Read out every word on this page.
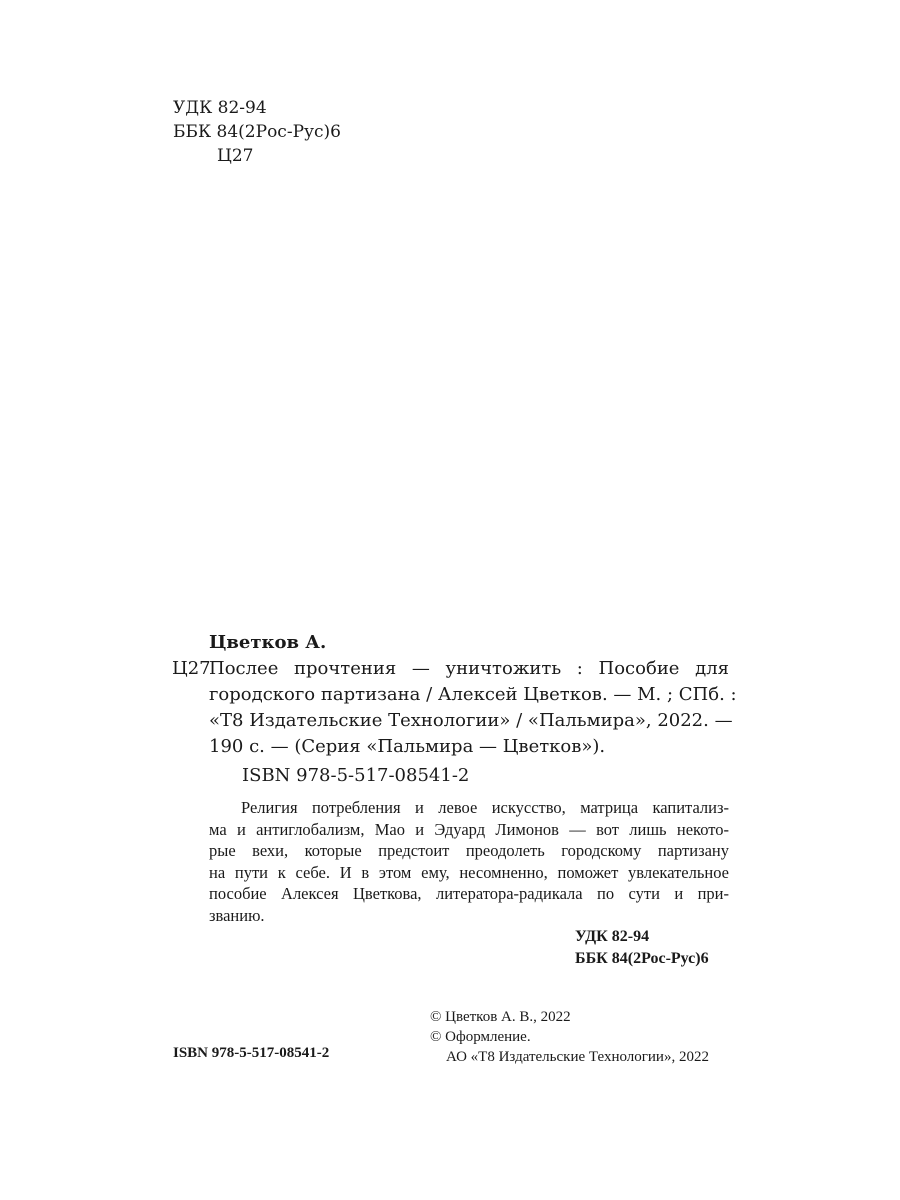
УДК 82-94
ББК 84(2Рос-Рус)6
Ц27
Цветков А.
Ц27
Послее прочтения — уничтожить : Пособие для
городского партизана / Алексей Цветков. — М. ; СПб. :
«Т8 Издательские Технологии» / «Пальмира», 2022. —
190 с. — (Серия «Пальмира — Цветков»).
ISBN 978-5-517-08541-2
Религия потребления и левое искусство, матрица капитализ-
ма и антиглобализм, Мао и Эдуард Лимонов — вот лишь некото-
рые вехи, которые предстоит преодолеть городскому партизану
на пути к себе. И в этом ему, несомненно, поможет увлекательное
пособие Алексея Цветкова, литератора-радикала по сути и при-
званию.
УДК 82-94
ББК 84(2Рос-Рус)6
© Цветков А. В., 2022
© Оформление.
АО «Т8 Издательские Технологии», 2022
ISBN 978-5-517-08541-2
